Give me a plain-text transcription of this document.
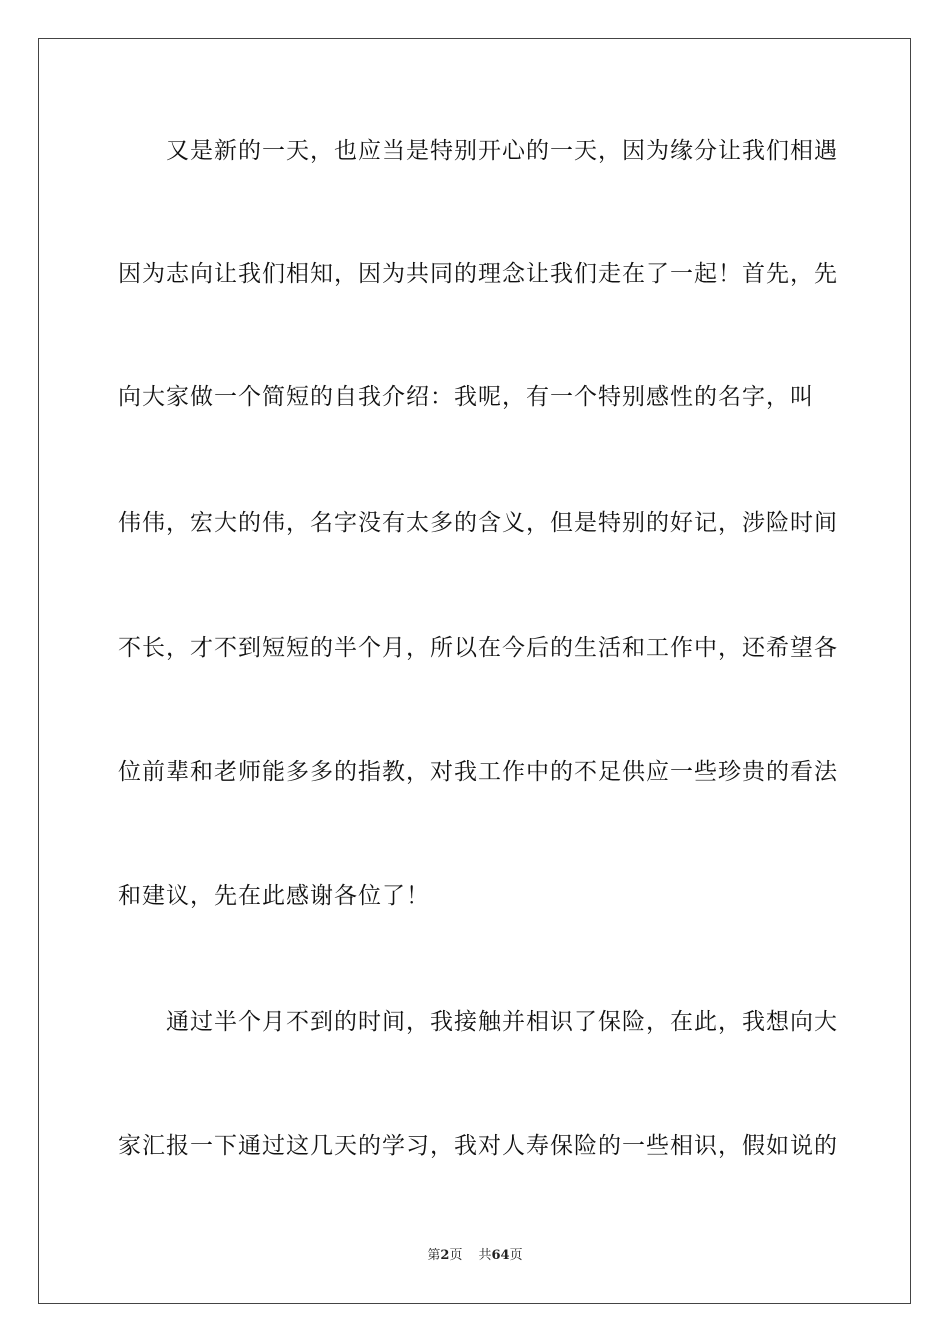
　　又是新的一天，也应当是特别开心的一天，因为缘分让我们相遇
因为志向让我们相知，因为共同的理念让我们走在了一起！首先，先
向大家做一个简短的自我介绍：我呢，有一个特别感性的名字，叫
伟伟，宏大的伟，名字没有太多的含义，但是特别的好记，涉险时间
不长，才不到短短的半个月，所以在今后的生活和工作中，还希望各
位前辈和老师能多多的指教，对我工作中的不足供应一些珍贵的看法
和建议，先在此感谢各位了！
　　通过半个月不到的时间，我接触并相识了保险，在此，我想向大
家汇报一下通过这几天的学习，我对人寿保险的一些相识，假如说的
第2页 共64页
